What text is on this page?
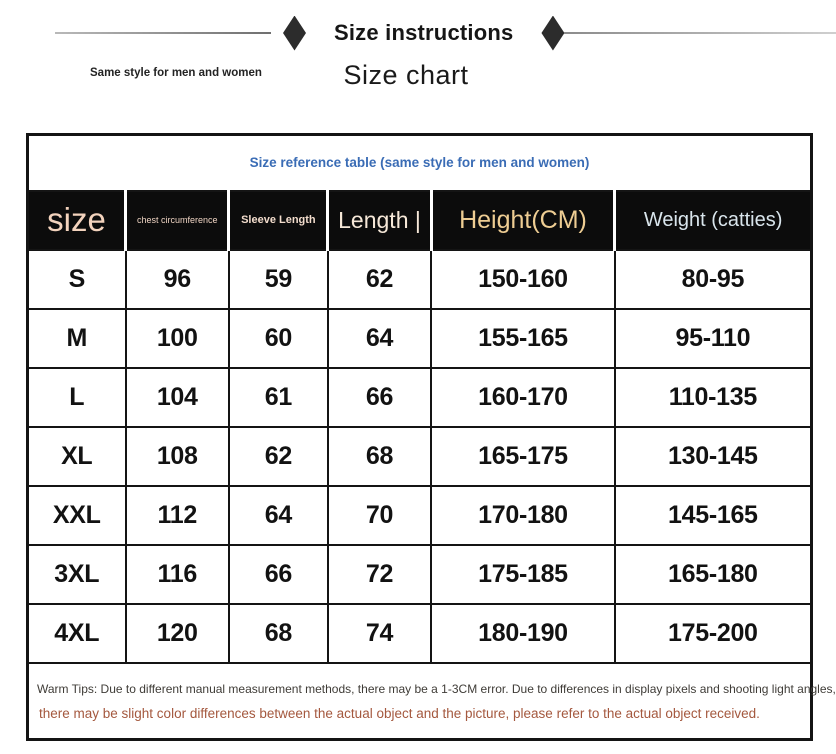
Size instructions
Same style for men and women	Size chart
Size reference table (same style for men and women)					
size	chest circumference	Sleeve Length	Length |	Height(CM)	Weight (catties)
S	96	59	62	150-160	80-95
M	100	60	64	155-165	95-110
L	104	61	66	160-170	110-135
XL	108	62	68	165-175	130-145
XXL	112	64	70	170-180	145-165
3XL	116	66	72	175-185	165-180
4XL	120	68	74	180-190	175-200

Warm Tips: Due to different manual measurement methods, there may be a 1-3CM error. Due to differences in display pixels and shooting light angles,
there may be slight color differences between the actual object and the picture, please refer to the actual object received.					
